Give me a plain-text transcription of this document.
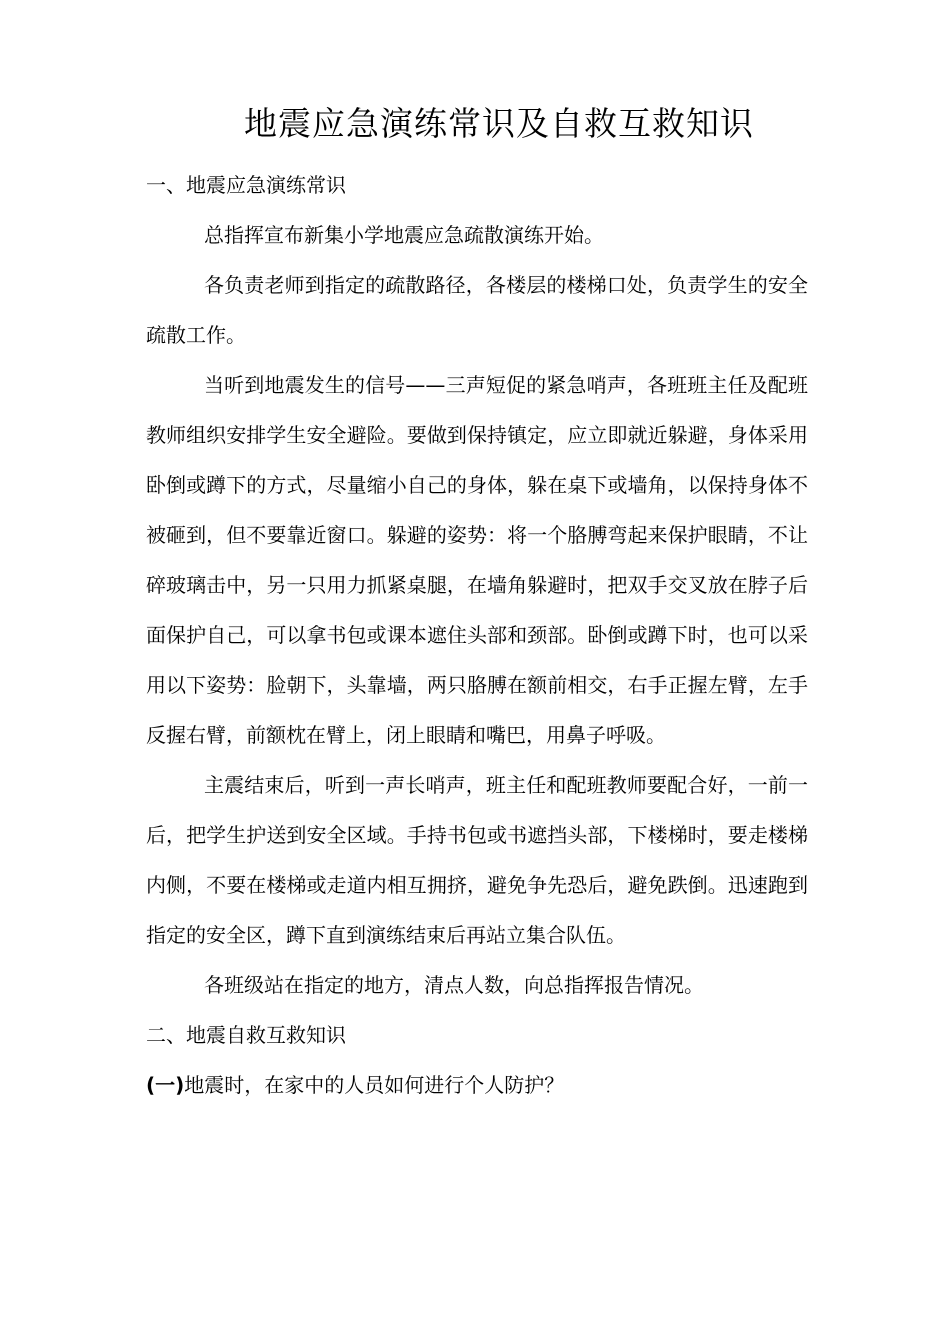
地震应急演练常识及自救互救知识

一、地震应急演练常识

总指挥宣布新集小学地震应急疏散演练开始。

各负责老师到指定的疏散路径，各楼层的楼梯口处，负责学生的安全疏散工作。

当听到地震发生的信号——三声短促的紧急哨声，各班班主任及配班教师组织安排学生安全避险。要做到保持镇定，应立即就近躲避，身体采用卧倒或蹲下的方式，尽量缩小自己的身体，躲在桌下或墙角，以保持身体不被砸到，但不要靠近窗口。躲避的姿势：将一个胳膊弯起来保护眼睛，不让碎玻璃击中，另一只用力抓紧桌腿，在墙角躲避时，把双手交叉放在脖子后面保护自己，可以拿书包或课本遮住头部和颈部。卧倒或蹲下时，也可以采用以下姿势：脸朝下，头靠墙，两只胳膊在额前相交，右手正握左臂，左手反握右臂，前额枕在臂上，闭上眼睛和嘴巴，用鼻子呼吸。

主震结束后，听到一声长哨声，班主任和配班教师要配合好，一前一后，把学生护送到安全区域。手持书包或书遮挡头部，下楼梯时，要走楼梯内侧，不要在楼梯或走道内相互拥挤，避免争先恐后，避免跌倒。迅速跑到指定的安全区，蹲下直到演练结束后再站立集合队伍。

各班级站在指定的地方，清点人数，向总指挥报告情况。

二、地震自救互救知识

(一)地震时，在家中的人员如何进行个人防护？
